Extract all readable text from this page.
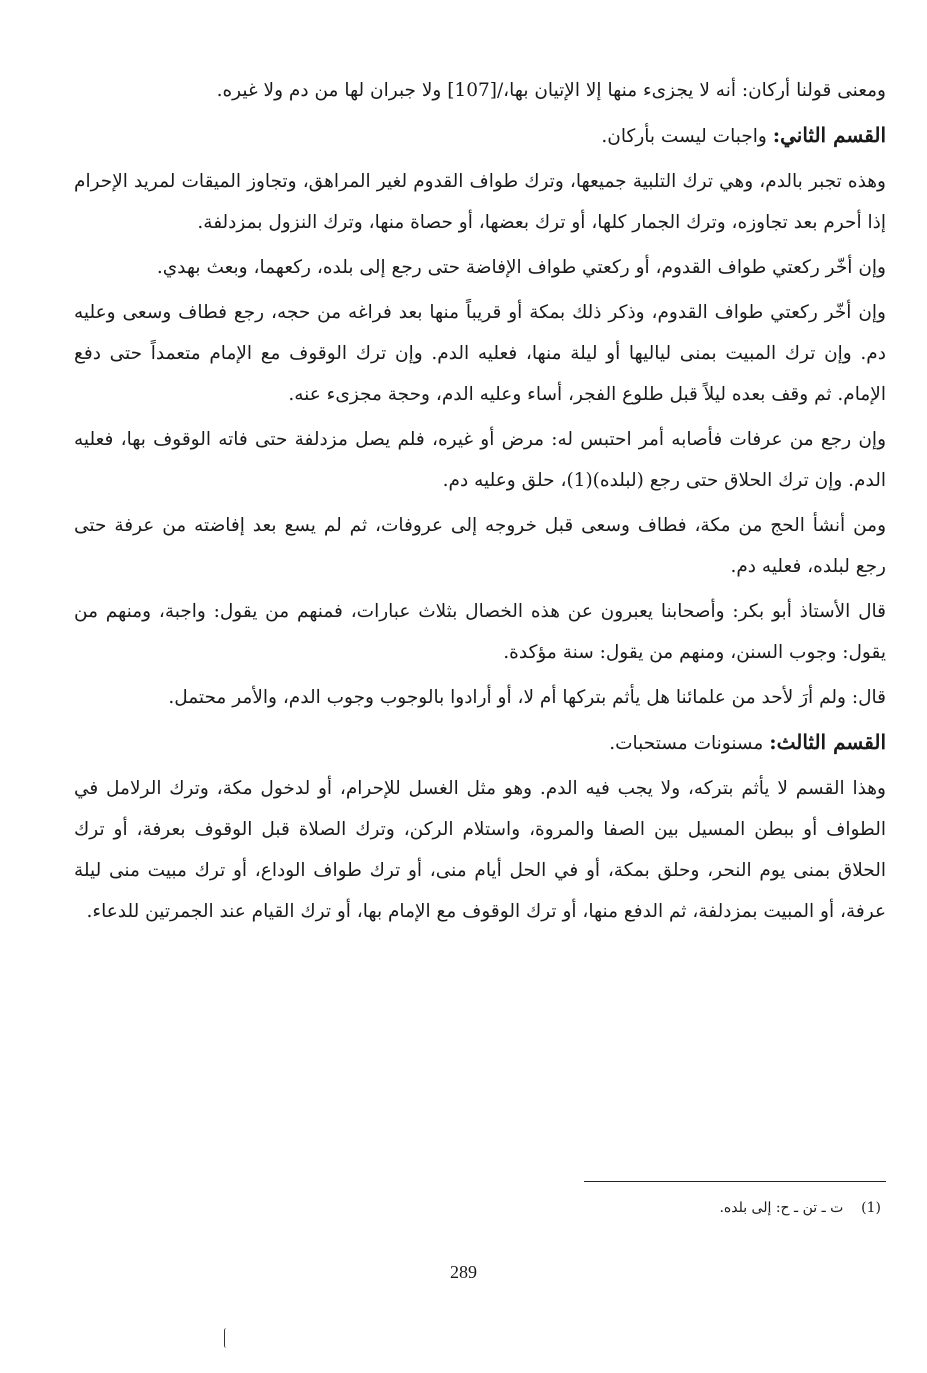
ومعنى قولنا أركان: أنه لا يجزىء منها إلا الإتيان بها،/[107] ولا جبران لها من دم ولا غيره.

القسم الثاني: واجبات ليست بأركان.

وهذه تجبر بالدم، وهي ترك التلبية جميعها، وترك طواف القدوم لغير المراهق، وتجاوز الميقات لمريد الإحرام إذا أحرم بعد تجاوزه، وترك الجمار كلها، أو ترك بعضها، أو حصاة منها، وترك النزول بمزدلفة.

وإن أخّر ركعتي طواف القدوم، أو ركعتي طواف الإفاضة حتى رجع إلى بلده، ركعهما، وبعث بهدي.

وإن أخّر ركعتي طواف القدوم، وذكر ذلك بمكة أو قريباً منها بعد فراغه من حجه، رجع فطاف وسعى وعليه دم. وإن ترك المبيت بمنى لياليها أو ليلة منها، فعليه الدم. وإن ترك الوقوف مع الإمام متعمداً حتى دفع الإمام. ثم وقف بعده ليلاً قبل طلوع الفجر، أساء وعليه الدم، وحجة مجزىء عنه.

وإن رجع من عرفات فأصابه أمر احتبس له: مرض أو غيره، فلم يصل مزدلفة حتى فاته الوقوف بها، فعليه الدم. وإن ترك الحلاق حتى رجع (لبلده)(1)، حلق وعليه دم.

ومن أنشأ الحج من مكة، فطاف وسعى قبل خروجه إلى عروفات، ثم لم يسع بعد إفاضته من عرفة حتى رجع لبلده، فعليه دم.

قال الأستاذ أبو بكر: وأصحابنا يعبرون عن هذه الخصال بثلاث عبارات، فمنهم من يقول: واجبة، ومنهم من يقول: وجوب السنن، ومنهم من يقول: سنة مؤكدة.

قال: ولم أرَ لأحد من علمائنا هل يأثم بتركها أم لا، أو أرادوا بالوجوب وجوب الدم، والأمر محتمل.

القسم الثالث: مسنونات مستحبات.

وهذا القسم لا يأثم بتركه، ولا يجب فيه الدم. وهو مثل الغسل للإحرام، أو لدخول مكة، وترك الرلامل في الطواف أو ببطن المسيل بين الصفا والمروة، واستلام الركن، وترك الصلاة قبل الوقوف بعرفة، أو ترك الحلاق بمنى يوم النحر، وحلق بمكة، أو في الحل أيام منى، أو ترك طواف الوداع، أو ترك مبيت منى ليلة عرفة، أو المبيت بمزدلفة، ثم الدفع منها، أو ترك الوقوف مع الإمام بها، أو ترك القيام عند الجمرتين للدعاء.

(1)    ت ـ تن ـ ح: إلى بلده.
289
